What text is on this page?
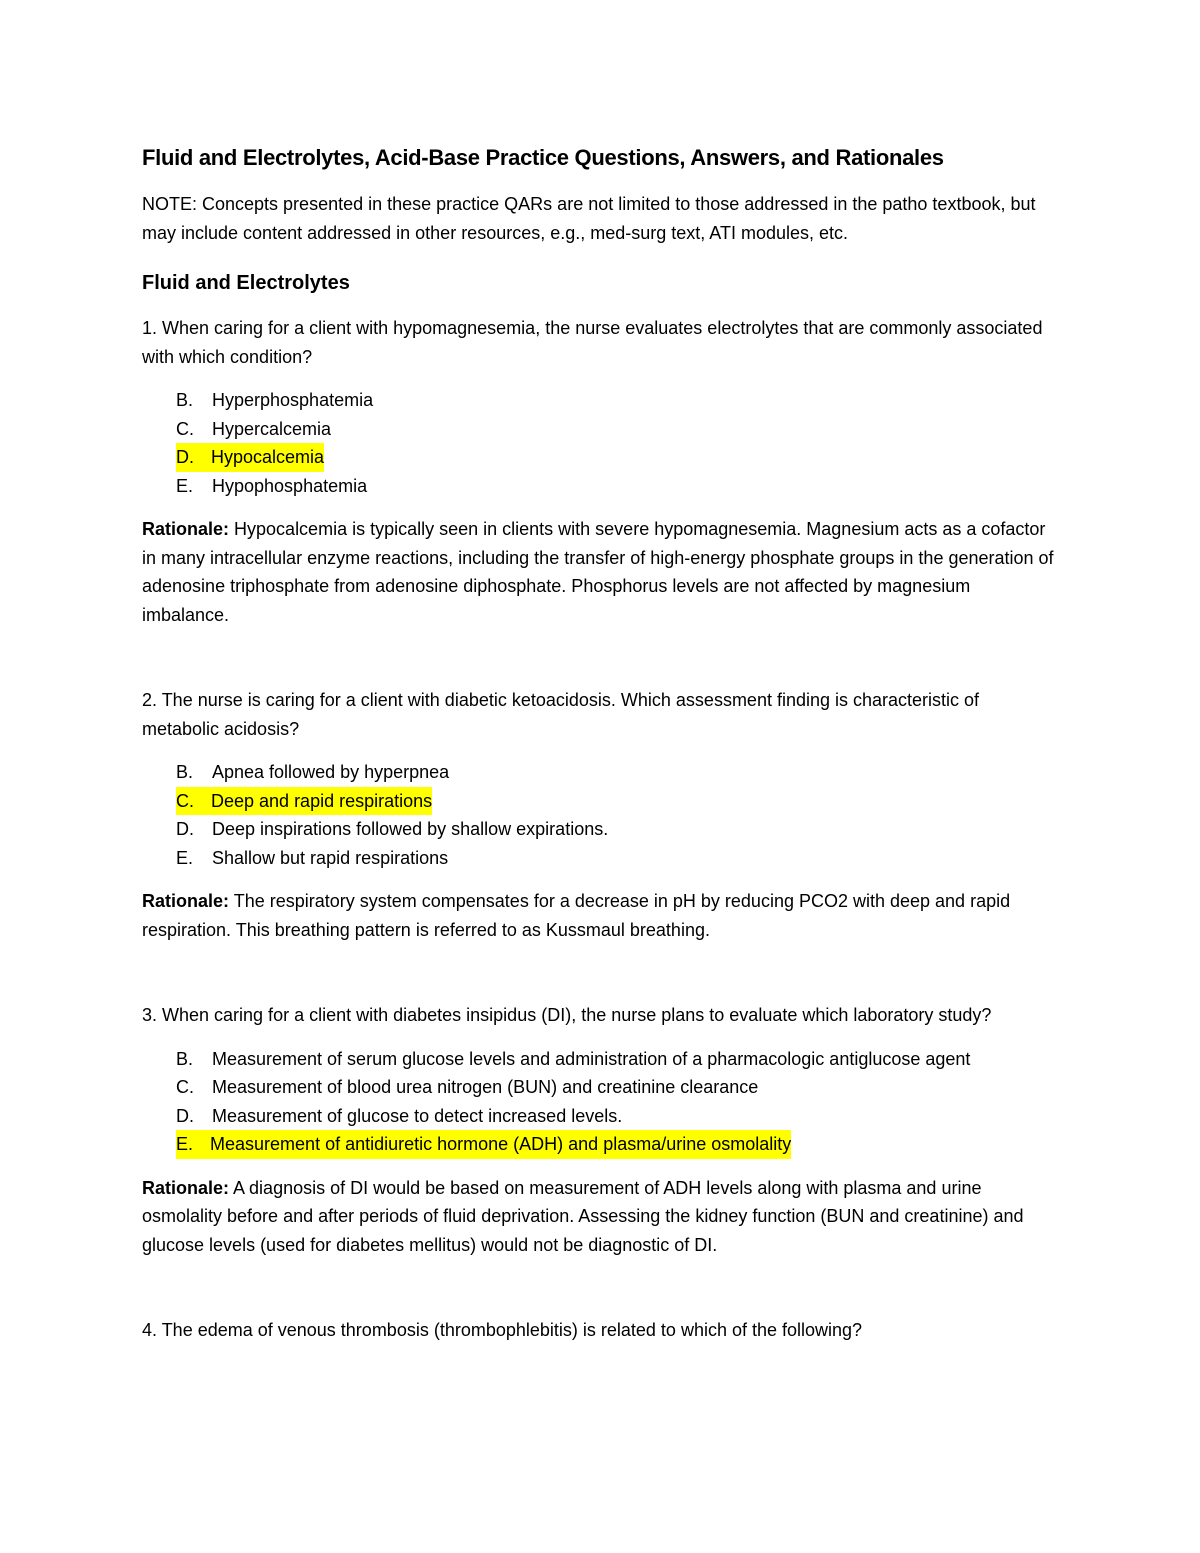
Fluid and Electrolytes, Acid-Base Practice Questions, Answers, and Rationales

NOTE: Concepts presented in these practice QARs are not limited to those addressed in the patho textbook, but may include content addressed in other resources, e.g., med-surg text, ATI modules, etc.

Fluid and Electrolytes

1. When caring for a client with hypomagnesemia, the nurse evaluates electrolytes that are commonly associated with which condition?

B.	Hyperphosphatemia
C.	Hypercalcemia
D. Hypocalcemia
E.	Hypophosphatemia

Rationale: Hypocalcemia is typically seen in clients with severe hypomagnesemia. Magnesium acts as a cofactor in many intracellular enzyme reactions, including the transfer of high-energy phosphate groups in the generation of adenosine triphosphate from adenosine diphosphate. Phosphorus levels are not affected by magnesium imbalance.

2. The nurse is caring for a client with diabetic ketoacidosis. Which assessment finding is characteristic of metabolic acidosis?

B.	Apnea followed by hyperpnea
C. Deep and rapid respirations
D.	Deep inspirations followed by shallow expirations.
E.	Shallow but rapid respirations

Rationale: The respiratory system compensates for a decrease in pH by reducing PCO2 with deep and rapid respiration. This breathing pattern is referred to as Kussmaul breathing.

3. When caring for a client with diabetes insipidus (DI), the nurse plans to evaluate which laboratory study?

B.	Measurement of serum glucose levels and administration of a pharmacologic antiglucose agent
C.	Measurement of blood urea nitrogen (BUN) and creatinine clearance
D.	Measurement of glucose to detect increased levels.
E. Measurement of antidiuretic hormone (ADH) and plasma/urine osmolality

Rationale: A diagnosis of DI would be based on measurement of ADH levels along with plasma and urine osmolality before and after periods of fluid deprivation. Assessing the kidney function (BUN and creatinine) and glucose levels (used for diabetes mellitus) would not be diagnostic of DI.

4. The edema of venous thrombosis (thrombophlebitis) is related to which of the following?
